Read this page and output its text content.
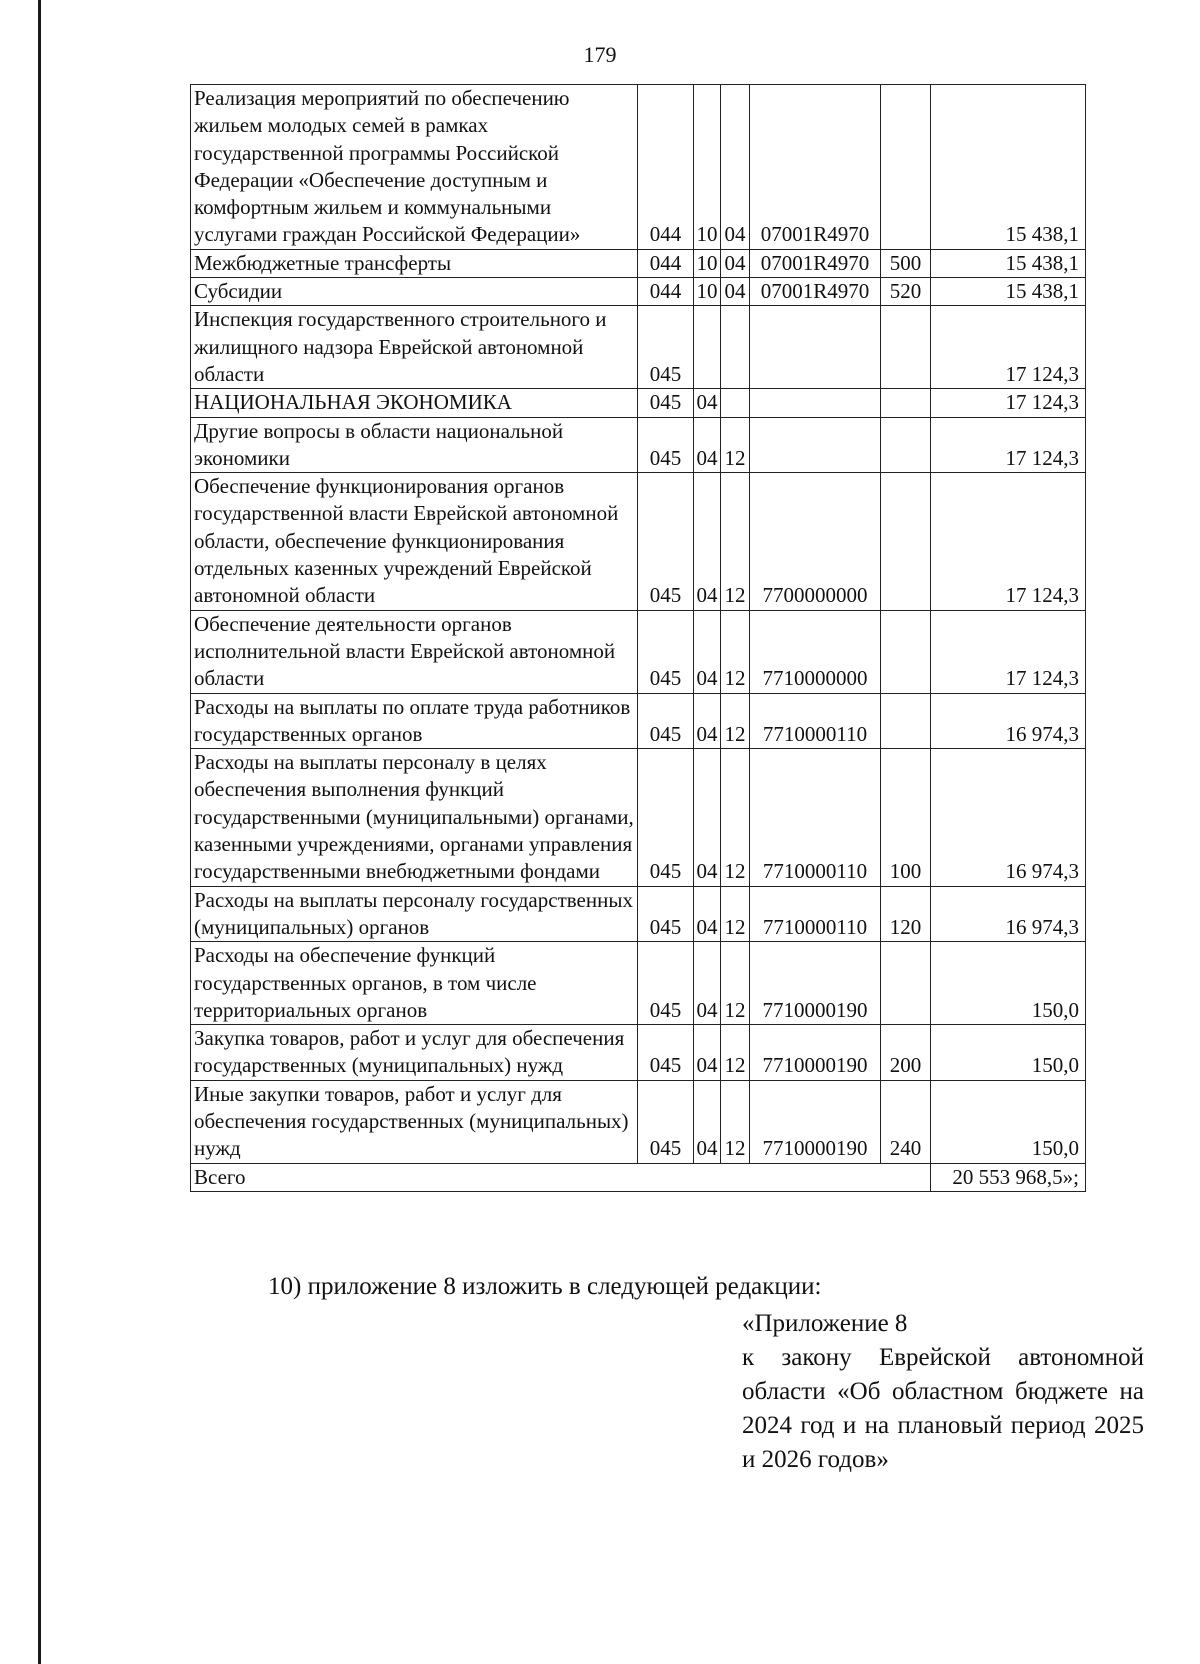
179
Реализация мероприятий по обеспечению жильем молодых семей в рамках государственной программы Российской Федерации «Обеспечение доступным и комфортным жильем и коммунальными услугами граждан Российской Федерации»	044	10	04	07001R4970		15 438,1
Межбюджетные трансферты	044	10	04	07001R4970	500	15 438,1
Субсидии	044	10	04	07001R4970	520	15 438,1
Инспекция государственного строительного и жилищного надзора Еврейской автономной области	045					17 124,3
НАЦИОНАЛЬНАЯ ЭКОНОМИКА	045	04				17 124,3
Другие вопросы в области национальной экономики	045	04	12			17 124,3
Обеспечение функционирования органов государственной власти Еврейской автономной области, обеспечение функционирования отдельных казенных учреждений Еврейской автономной области	045	04	12	7700000000		17 124,3
Обеспечение деятельности органов исполнительной власти Еврейской автономной области	045	04	12	7710000000		17 124,3
Расходы на выплаты по оплате труда работников государственных органов	045	04	12	7710000110		16 974,3
Расходы на выплаты персоналу в целях обеспечения выполнения функций государственными (муниципальными) органами, казенными учреждениями, органами управления государственными внебюджетными фондами	045	04	12	7710000110	100	16 974,3
Расходы на выплаты персоналу государственных (муниципальных) органов	045	04	12	7710000110	120	16 974,3
Расходы на обеспечение функций государственных органов, в том числе территориальных органов	045	04	12	7710000190		150,0
Закупка товаров, работ и услуг для обеспечения государственных (муниципальных) нужд	045	04	12	7710000190	200	150,0
Иные закупки товаров, работ и услуг для обеспечения государственных (муниципальных) нужд	045	04	12	7710000190	240	150,0
Всего						20 553 968,5»;
10) приложение 8 изложить в следующей редакции:
«Приложение 8
к закону Еврейской автономной области «Об областном бюджете на 2024 год и на плановый период 2025 и 2026 годов»
